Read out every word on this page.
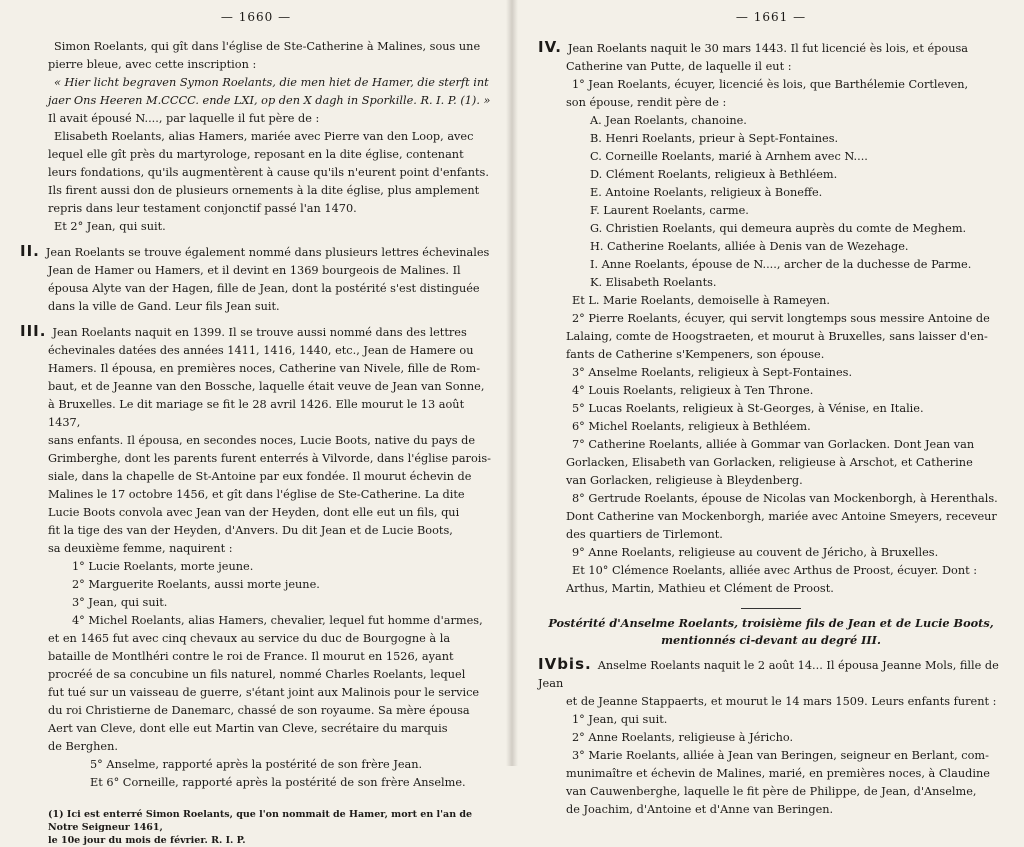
— 1660 —

Simon Roelants, qui gît dans l'église de Ste-Catherine à Malines, sous une

pierre bleue, avec cette inscription :

« Hier licht begraven Symon Roelants, die men hiet de Hamer, die sterft int

jaer Ons Heeren M.CCCC. ende LXI, op den X dagh in Sporkille. R. I. P. (1). »

Il avait épousé N...., par laquelle il fut père de :

Elisabeth Roelants, alias Hamers, mariée avec Pierre van den Loop, avec

lequel elle gît près du martyrologe, reposant en la dite église, contenant

leurs fondations, qu'ils augmentèrent à cause qu'ils n'eurent point d'enfants.

Ils firent aussi don de plusieurs ornements à la dite église, plus amplement

repris dans leur testament conjonctif passé l'an 1470.

Et 2° Jean, qui suit.

II. Jean Roelants se trouve également nommé dans plusieurs lettres échevinales

Jean de Hamer ou Hamers, et il devint en 1369 bourgeois de Malines. Il

épousa Alyte van der Hagen, fille de Jean, dont la postérité s'est distinguée

dans la ville de Gand. Leur fils Jean suit.

III. Jean Roelants naquit en 1399. Il se trouve aussi nommé dans des lettres

échevinales datées des années 1411, 1416, 1440, etc., Jean de Hamere ou

Hamers. Il épousa, en premières noces, Catherine van Nivele, fille de Rom-

baut, et de Jeanne van den Bossche, laquelle était veuve de Jean van Sonne,

à Bruxelles. Le dit mariage se fit le 28 avril 1426. Elle mourut le 13 août 1437,

sans enfants. Il épousa, en secondes noces, Lucie Boots, native du pays de

Grimberghe, dont les parents furent enterrés à Vilvorde, dans l'église parois-

siale, dans la chapelle de St-Antoine par eux fondée. Il mourut échevin de

Malines le 17 octobre 1456, et gît dans l'église de Ste-Catherine. La dite

Lucie Boots convola avec Jean van der Heyden, dont elle eut un fils, qui

fit la tige des van der Heyden, d'Anvers. Du dit Jean et de Lucie Boots,

sa deuxième femme, naquirent :

1° Lucie Roelants, morte jeune.

2° Marguerite Roelants, aussi morte jeune.

3° Jean, qui suit.

4° Michel Roelants, alias Hamers, chevalier, lequel fut homme d'armes,

et en 1465 fut avec cinq chevaux au service du duc de Bourgogne à la

bataille de Montlhéri contre le roi de France. Il mourut en 1526, ayant

procréé de sa concubine un fils naturel, nommé Charles Roelants, lequel

fut tué sur un vaisseau de guerre, s'étant joint aux Malinois pour le service

du roi Christierne de Danemarc, chassé de son royaume. Sa mère épousa

Aert van Cleve, dont elle eut Martin van Cleve, secrétaire du marquis

de Berghen.

5° Anselme, rapporté après la postérité de son frère Jean.

Et 6° Corneille, rapporté après la postérité de son frère Anselme.

(1) Ici est enterré Simon Roelants, que l'on nommait de Hamer, mort en l'an de Notre Seigneur 1461,
le 10e jour du mois de février. R. I. P.
— 1661 —

IV. Jean Roelants naquit le 30 mars 1443. Il fut licencié ès lois, et épousa

Catherine van Putte, de laquelle il eut :

1° Jean Roelants, écuyer, licencié ès lois, que Barthélemie Cortleven,

son épouse, rendit père de :

A. Jean Roelants, chanoine.

B. Henri Roelants, prieur à Sept-Fontaines.

C. Corneille Roelants, marié à Arnhem avec N....

D. Clément Roelants, religieux à Bethléem.

E. Antoine Roelants, religieux à Boneffe.

F. Laurent Roelants, carme.

G. Christien Roelants, qui demeura auprès du comte de Meghem.

H. Catherine Roelants, alliée à Denis van de Wezehage.

I. Anne Roelants, épouse de N...., archer de la duchesse de Parme.

K. Elisabeth Roelants.

Et L. Marie Roelants, demoiselle à Rameyen.

2° Pierre Roelants, écuyer, qui servit longtemps sous messire Antoine de

Lalaing, comte de Hoogstraeten, et mourut à Bruxelles, sans laisser d'en-

fants de Catherine s'Kempeners, son épouse.

3° Anselme Roelants, religieux à Sept-Fontaines.

4° Louis Roelants, religieux à Ten Throne.

5° Lucas Roelants, religieux à St-Georges, à Vénise, en Italie.

6° Michel Roelants, religieux à Bethléem.

7° Catherine Roelants, alliée à Gommar van Gorlacken. Dont Jean van

Gorlacken, Elisabeth van Gorlacken, religieuse à Arschot, et Catherine

van Gorlacken, religieuse à Bleydenberg.

8° Gertrude Roelants, épouse de Nicolas van Mockenborgh, à Herenthals.

Dont Catherine van Mockenborgh, mariée avec Antoine Smeyers, receveur

des quartiers de Tirlemont.

9° Anne Roelants, religieuse au couvent de Jéricho, à Bruxelles.

Et 10° Clémence Roelants, alliée avec Arthus de Proost, écuyer. Dont :

Arthus, Martin, Mathieu et Clément de Proost.

Postérité d'Anselme Roelants, troisième fils de Jean et de Lucie Boots,
mentionnés ci-devant au degré III.

IVbis. Anselme Roelants naquit le 2 août 14... Il épousa Jeanne Mols, fille de Jean

et de Jeanne Stappaerts, et mourut le 14 mars 1509. Leurs enfants furent :

1° Jean, qui suit.

2° Anne Roelants, religieuse à Jéricho.

3° Marie Roelants, alliée à Jean van Beringen, seigneur en Berlant, com-

munimaître et échevin de Malines, marié, en premières noces, à Claudine

van Cauwenberghe, laquelle le fit père de Philippe, de Jean, d'Anselme,

de Joachim, d'Antoine et d'Anne van Beringen.
